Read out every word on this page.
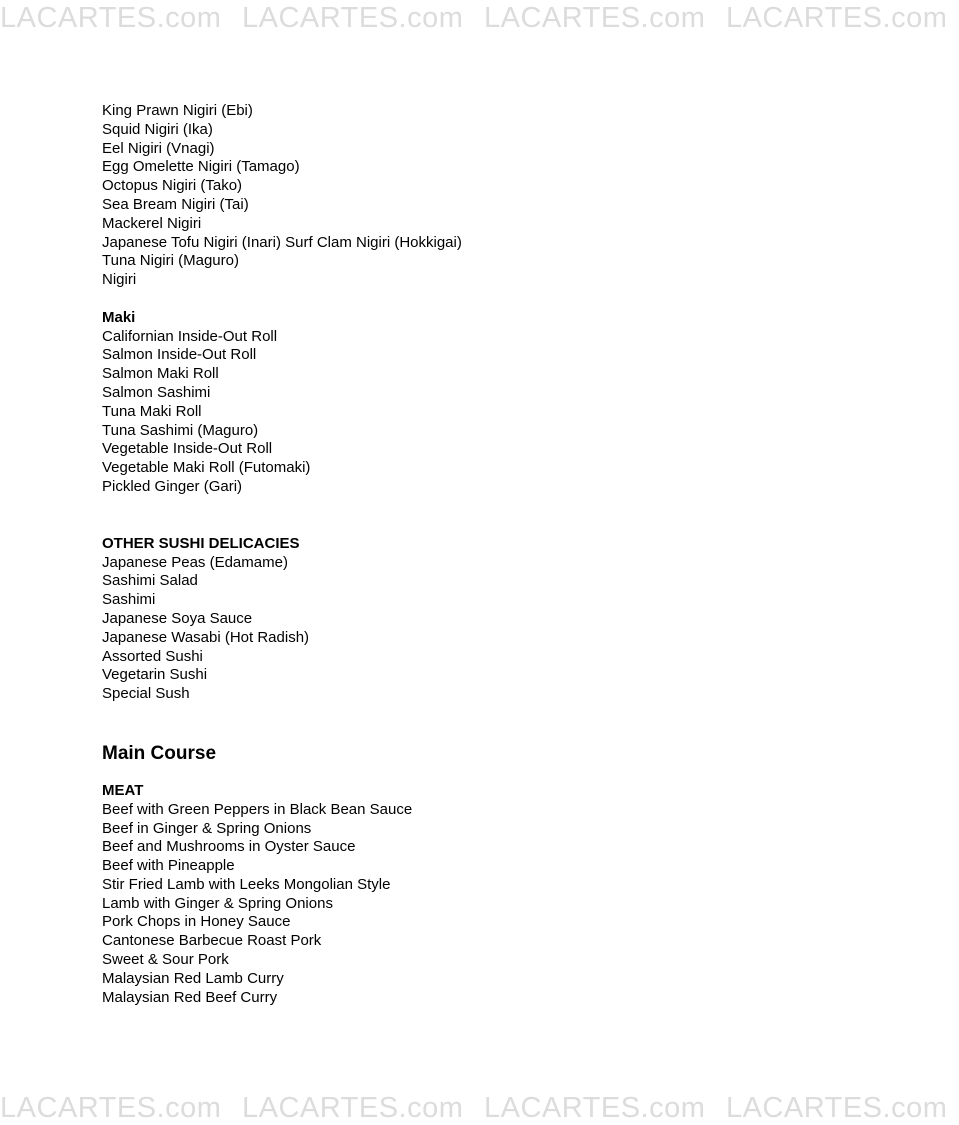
LACARTES.com LACARTES.com LACARTES.com LACARTES.com
King Prawn Nigiri (Ebi)
Squid Nigiri (Ika)
Eel Nigiri (Vnagi)
Egg Omelette Nigiri (Tamago)
Octopus Nigiri (Tako)
Sea Bream Nigiri (Tai)
Mackerel Nigiri
Japanese Tofu Nigiri (Inari) Surf Clam Nigiri (Hokkigai)
Tuna Nigiri (Maguro)
Nigiri
Maki
Californian Inside-Out Roll
Salmon Inside-Out Roll
Salmon Maki Roll
Salmon Sashimi
Tuna Maki Roll
Tuna Sashimi (Maguro)
Vegetable Inside-Out Roll
Vegetable Maki Roll (Futomaki)
Pickled Ginger (Gari)
OTHER SUSHI DELICACIES
Japanese Peas (Edamame)
Sashimi Salad
Sashimi
Japanese Soya Sauce
Japanese Wasabi (Hot Radish)
Assorted Sushi
Vegetarin Sushi
Special Sush
Main Course
MEAT
Beef with Green Peppers in Black Bean Sauce
Beef in Ginger & Spring Onions
Beef and Mushrooms in Oyster Sauce
Beef with Pineapple
Stir Fried Lamb with Leeks Mongolian Style
Lamb with Ginger & Spring Onions
Pork Chops in Honey Sauce
Cantonese Barbecue Roast Pork
Sweet & Sour Pork
Malaysian Red Lamb Curry
Malaysian Red Beef Curry
LACARTES.com LACARTES.com LACARTES.com LACARTES.com
